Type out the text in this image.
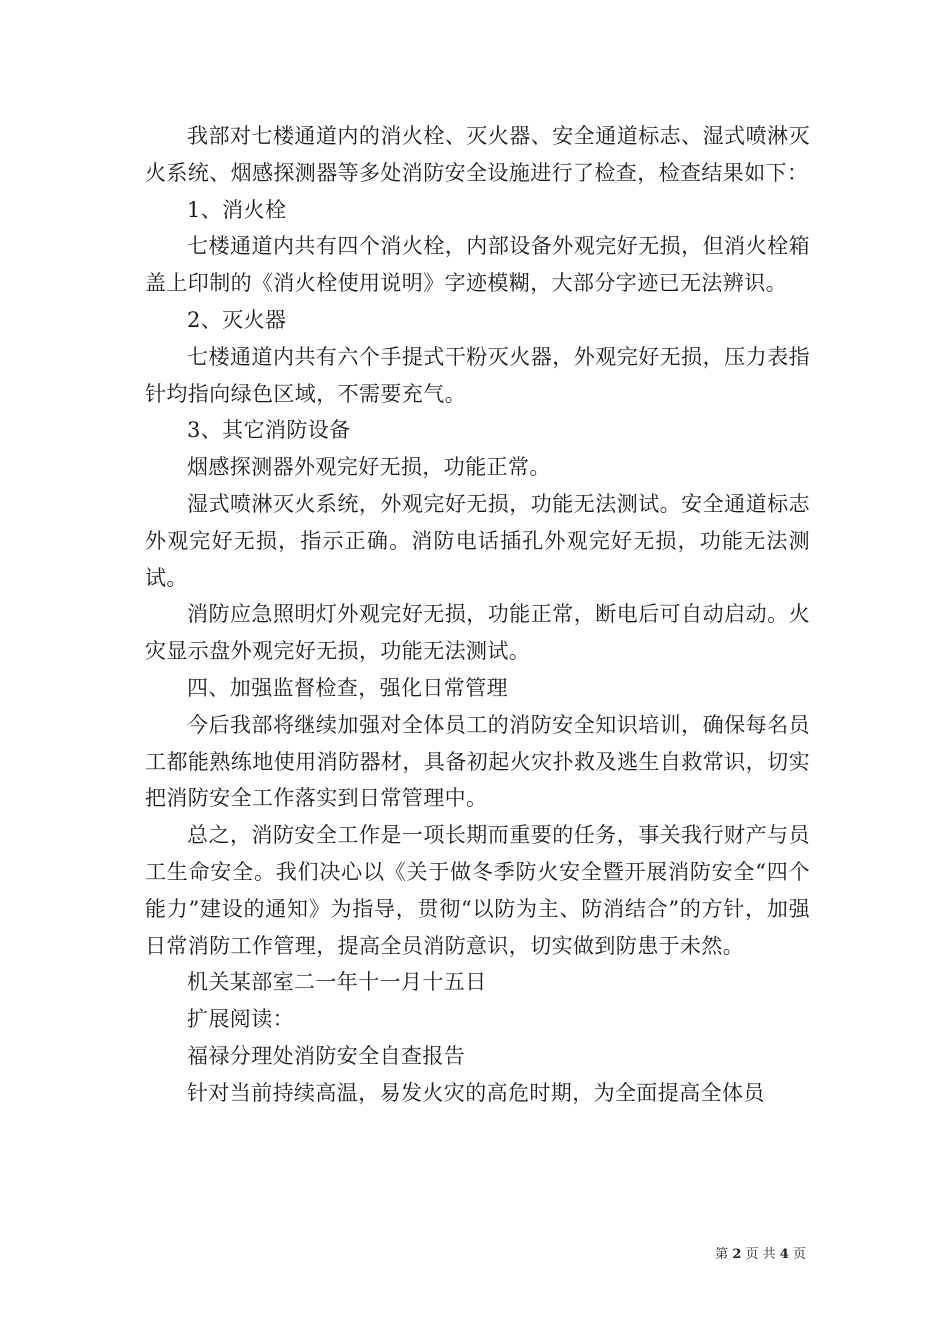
我部对七楼通道内的消火栓、灭火器、安全通道标志、湿式喷淋灭火系统、烟感探测器等多处消防安全设施进行了检查，检查结果如下：

1、消火栓

七楼通道内共有四个消火栓，内部设备外观完好无损，但消火栓箱盖上印制的《消火栓使用说明》字迹模糊，大部分字迹已无法辨识。

2、灭火器

七楼通道内共有六个手提式干粉灭火器，外观完好无损，压力表指针均指向绿色区域，不需要充气。

3、其它消防设备

烟感探测器外观完好无损，功能正常。

湿式喷淋灭火系统，外观完好无损，功能无法测试。安全通道标志外观完好无损，指示正确。消防电话插孔外观完好无损，功能无法测试。

消防应急照明灯外观完好无损，功能正常，断电后可自动启动。火灾显示盘外观完好无损，功能无法测试。

四、加强监督检查，强化日常管理

今后我部将继续加强对全体员工的消防安全知识培训，确保每名员工都能熟练地使用消防器材，具备初起火灾扑救及逃生自救常识，切实把消防安全工作落实到日常管理中。

总之，消防安全工作是一项长期而重要的任务，事关我行财产与员工生命安全。我们决心以《关于做冬季防火安全暨开展消防安全“四个能力”建设的通知》为指导，贯彻“以防为主、防消结合”的方针，加强日常消防工作管理，提高全员消防意识，切实做到防患于未然。

机关某部室二一年十一月十五日

扩展阅读：

福禄分理处消防安全自查报告

针对当前持续高温，易发火灾的高危时期，为全面提高全体员

第 2 页 共 4 页
